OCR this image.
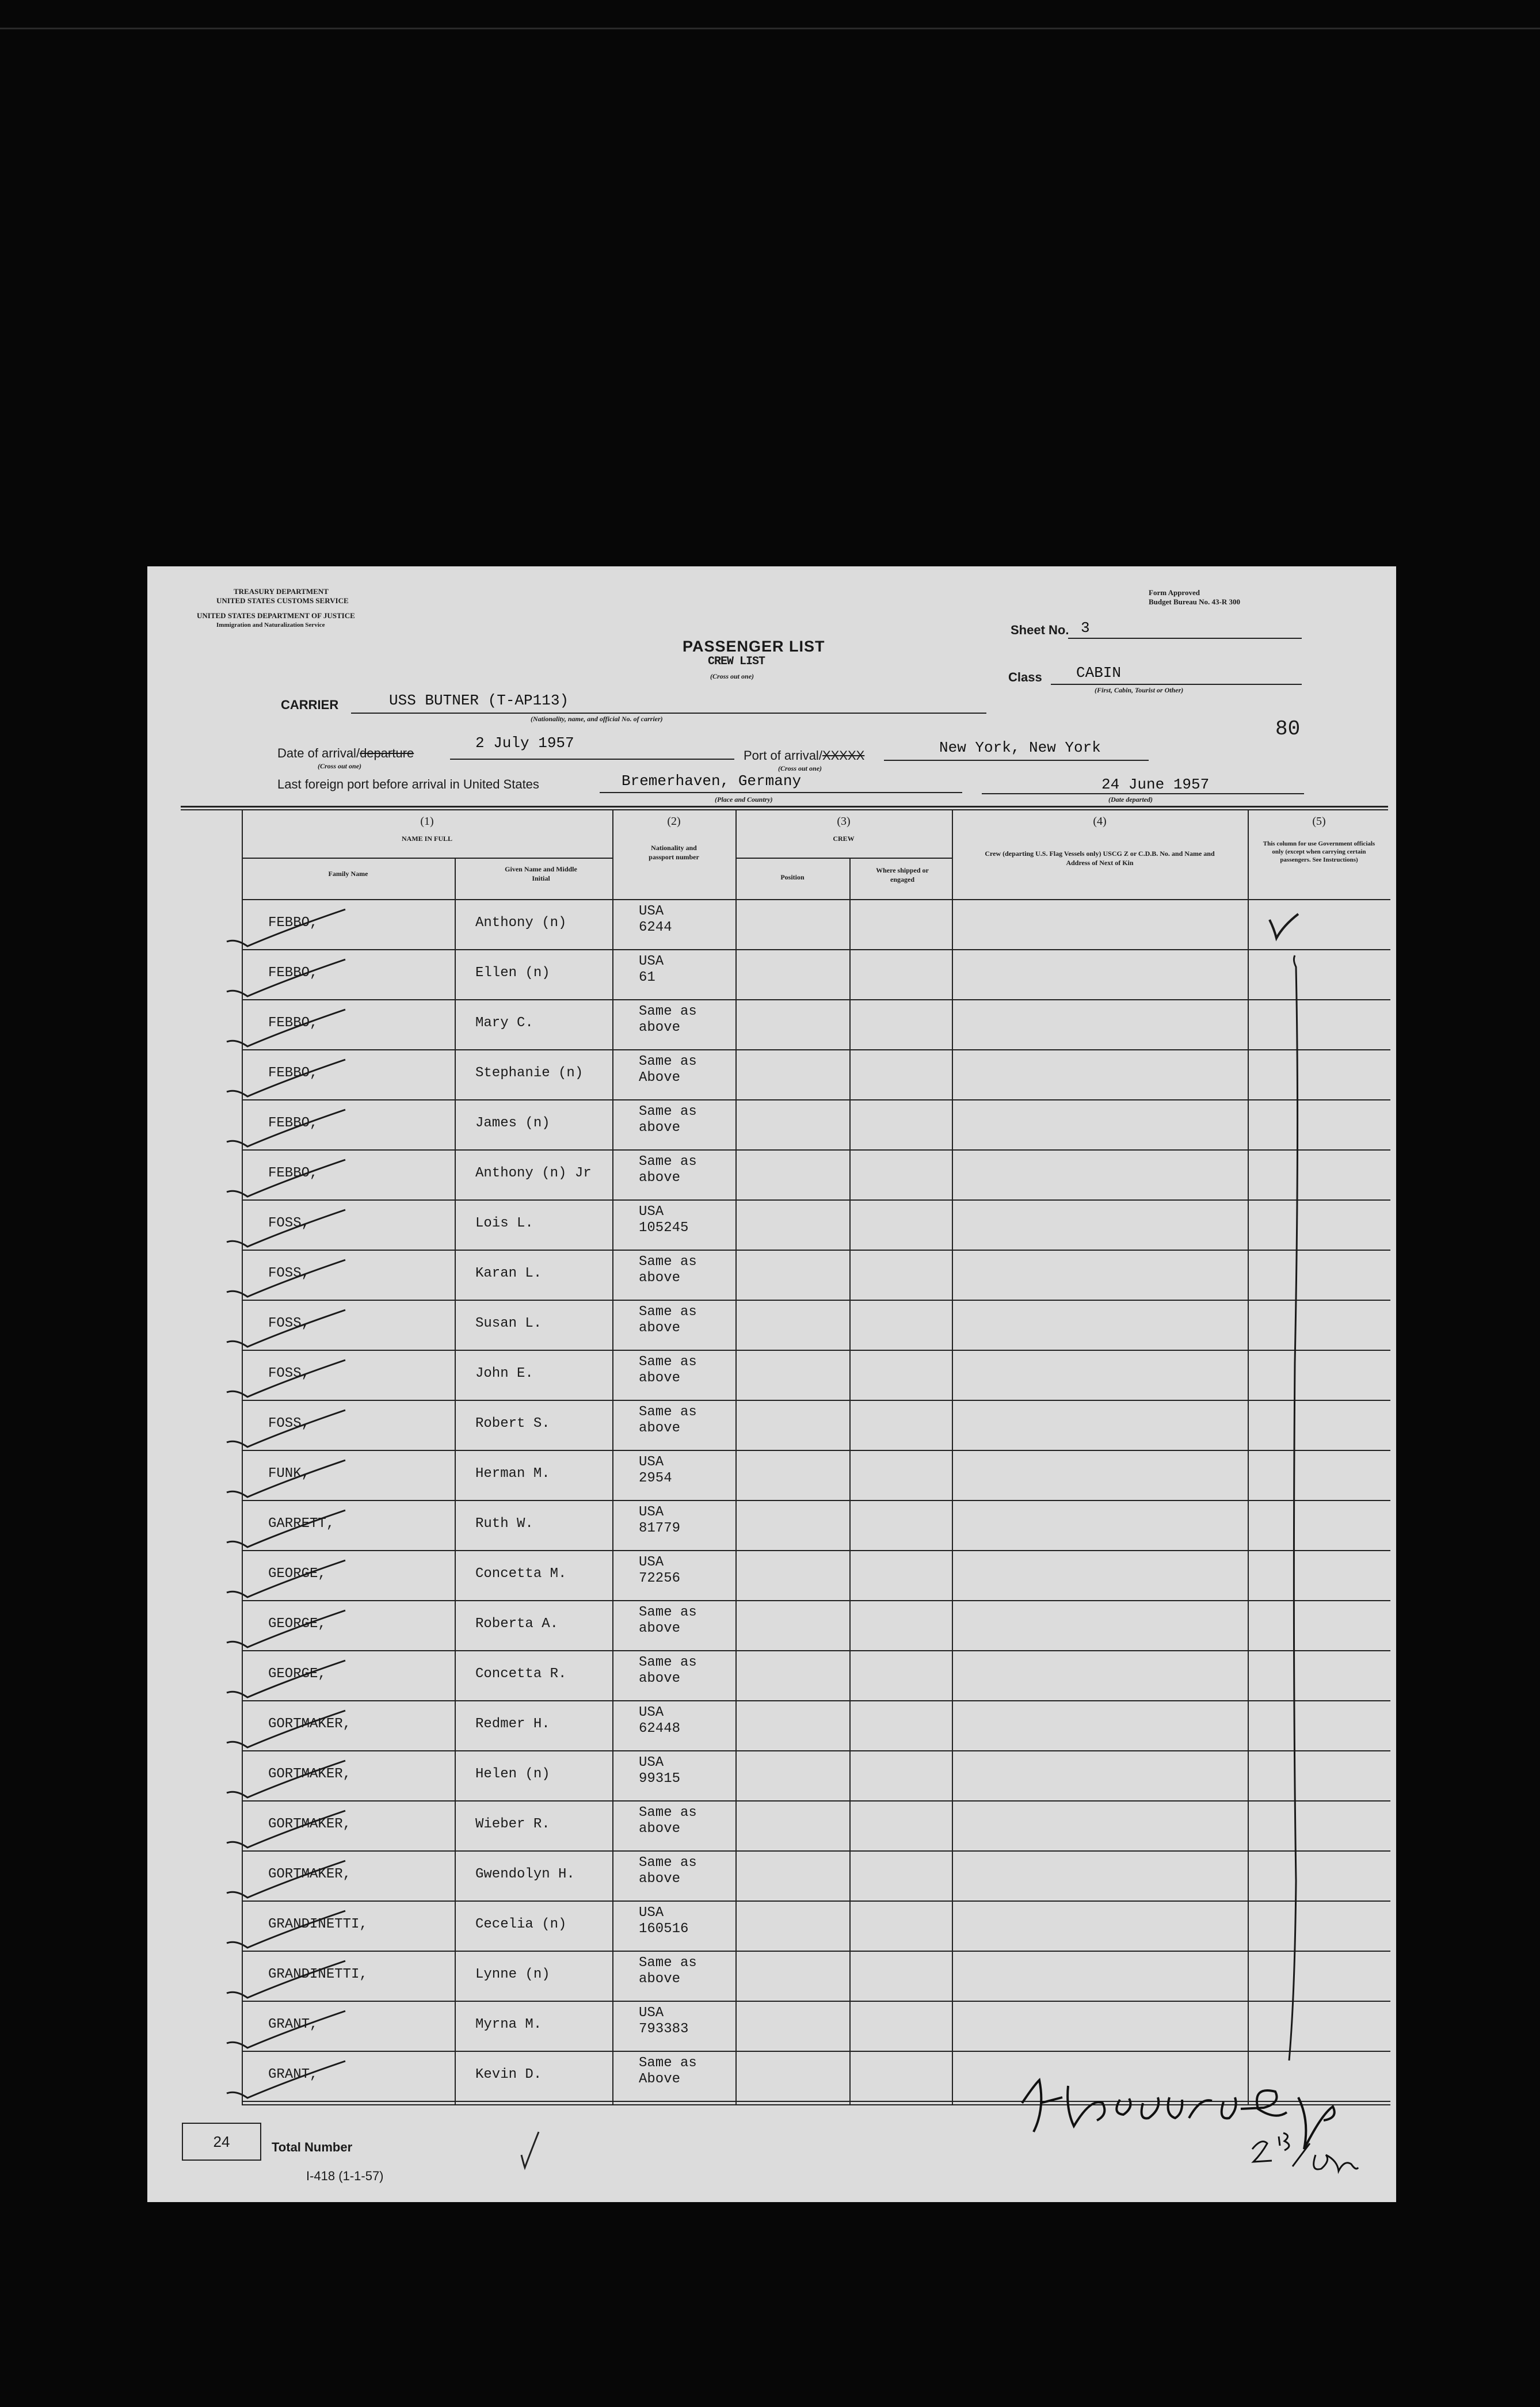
TREASURY DEPARTMENT
UNITED STATES CUSTOMS SERVICE
UNITED STATES DEPARTMENT OF JUSTICE
Immigration and Naturalization Service
Form Approved
Budget Bureau No. 43-R 300
PASSENGER LIST
CREW LIST
(Cross out one)
Sheet No. 3
Class CABIN
(First, Cabin, Tourist or Other)
CARRIER	USS BUTNER (T-AP113)
(Nationality, name, and official No. of carrier)
Date of arrival/departure
(Cross out one)
2 July 1957
Port of arrival/XXXXX
(Cross out one)
New York, New York
80
Last foreign port before arrival in United States	Bremerhaven, Germany
(Place and Country)
24 June 1957
(Date departed)
(1)
NAME IN FULL
Family Name
Given Name and Middle Initial
(2)
Nationality and passport number
(3)
CREW
Position
Where shipped or engaged
(4)
Crew (departing U.S. Flag Vessels only) USCG Z or C.D.B. No. and Name and Address of Next of Kin
(5)
This column for use Government officials only (except when carrying certain passengers. See Instructions)
FEBBO,	Anthony (n)
USA
6244
FEBBO,	Ellen (n)
USA
61
FEBBO,	Mary C.
Same as
above
FEBBO,	Stephanie (n)
Same as
Above
FEBBO,	James (n)
Same as
above
FEBBO,	Anthony (n) Jr
Same as
above
FOSS,	Lois L.
USA
105245
FOSS,	Karan L.
Same as
above
FOSS,	Susan L.
Same as
above
FOSS,	John E.
Same as
above
FOSS,	Robert S.
Same as
above
FUNK,	Herman M.
USA
2954
GARRETT,	Ruth W.
USA
81779
GEORGE,	Concetta M.
USA
72256
GEORGE,	Roberta A.
Same as
above
GEORGE,	Concetta R.
Same as
above
GORTMAKER,	Redmer H.
USA
62448
GORTMAKER,	Helen (n)
USA
99315
GORTMAKER,	Wieber R.
Same as
above
GORTMAKER,	Gwendolyn H.
Same as
above
GRANDINETTI,	Cecelia (n)
USA
160516
GRANDINETTI,	Lynne (n)
Same as
above
GRANT,	Myrna M.
USA
793383
GRANT,	Kevin D.
Same as
Above
24	Total Number
I-418 (1-1-57)
